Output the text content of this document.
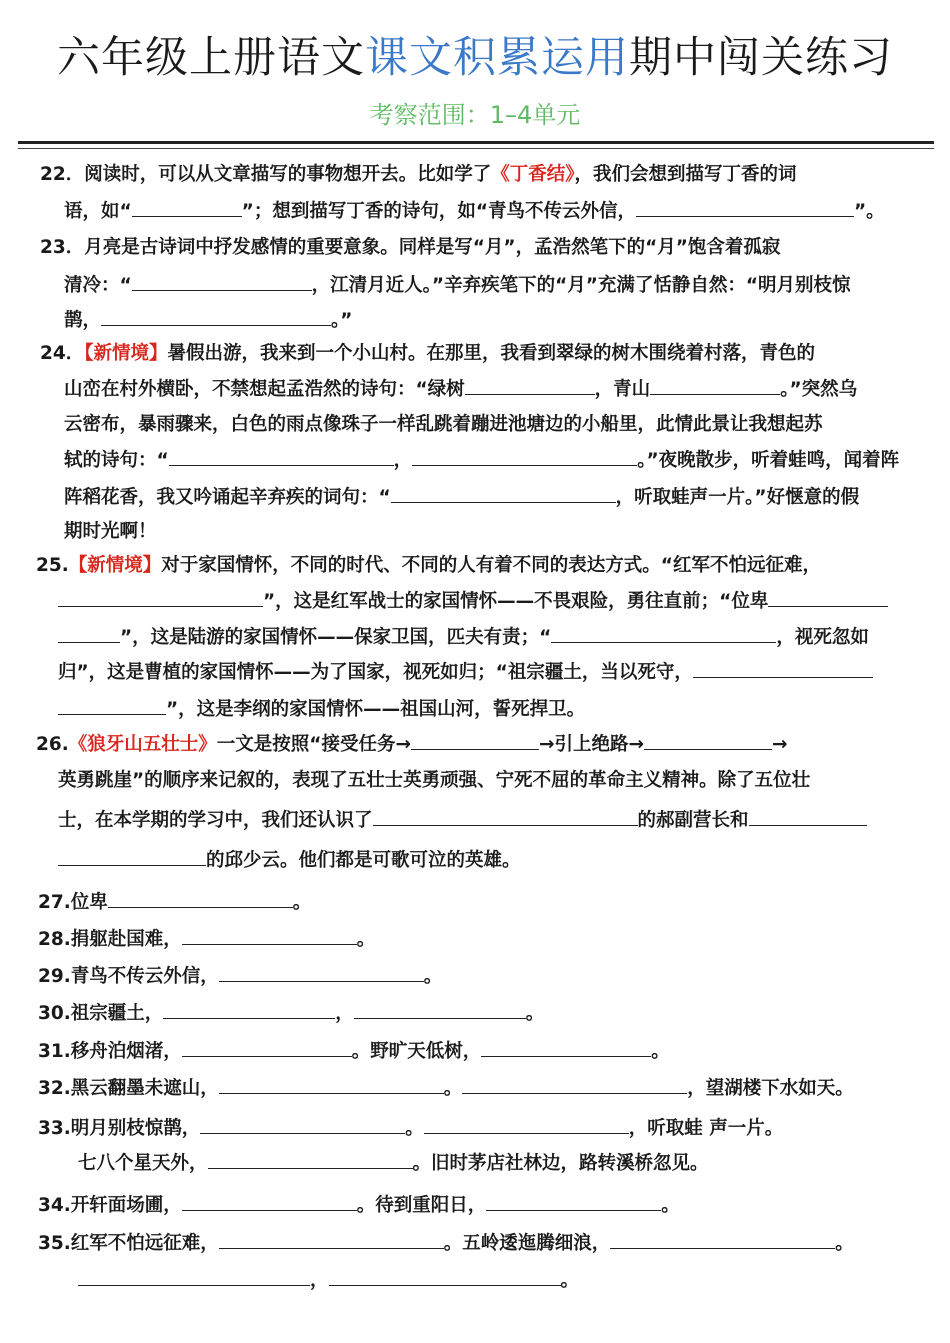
六年级上册语文课文积累运用期中闯关练习
考察范围：1–4单元
22．阅读时，可以从文章描写的事物想开去。比如学了《丁香结》，我们会想到描写丁香的词
语，如“	”；想到描写丁香的诗句，如“青鸟不传云外信，	”。
23．月亮是古诗词中抒发感情的重要意象。同样是写“月”，孟浩然笔下的“月”饱含着孤寂
清冷：“	，江清月近人。”辛弃疾笔下的“月”充满了恬静自然：“明月别枝惊
鹊，	。”
24．【新情境】暑假出游，我来到一个小山村。在那里，我看到翠绿的树木围绕着村落，青色的
山峦在村外横卧，不禁想起孟浩然的诗句：“绿树	，青山	。”突然乌
云密布，暴雨骤来，白色的雨点像珠子一样乱跳着蹦进池塘边的小船里，此情此景让我想起苏
轼的诗句：“	，	。”夜晚散步，听着蛙鸣，闻着阵
阵稻花香，我又吟诵起辛弃疾的词句：“	，听取蛙声一片。”好惬意的假
期时光啊！
25.【新情境】对于家国情怀，不同的时代、不同的人有着不同的表达方式。“红军不怕远征难，
”，这是红军战士的家国情怀——不畏艰险，勇往直前；“位卑
”，这是陆游的家国情怀——保家卫国，匹夫有责；“	，视死忽如
归”，这是曹植的家国情怀——为了国家，视死如归；“祖宗疆土，当以死守，
”，这是李纲的家国情怀——祖国山河，誓死捍卫。
26.《狼牙山五壮士》一文是按照“接受任务→	→引上绝路→	→
英勇跳崖”的顺序来记叙的，表现了五壮士英勇顽强、宁死不屈的革命主义精神。除了五位壮
士，在本学期的学习中，我们还认识了	的郝副营长和
的邱少云。他们都是可歌可泣的英雄。
27.位卑	。
28.捐躯赴国难，	。
29.青鸟不传云外信，	。
30.祖宗疆土，	，	。
31.移舟泊烟渚，	。野旷天低树，	。
32.黑云翻墨未遮山，	。	，望湖楼下水如天。
33.明月别枝惊鹊，	。	，听取蛙 声一片。
七八个星天外，	。旧时茅店社林边，路转溪桥忽见。
34.开轩面场圃，	。待到重阳日，	。
35.红军不怕远征难，	。五岭逶迤腾细浪，	。
，	。
